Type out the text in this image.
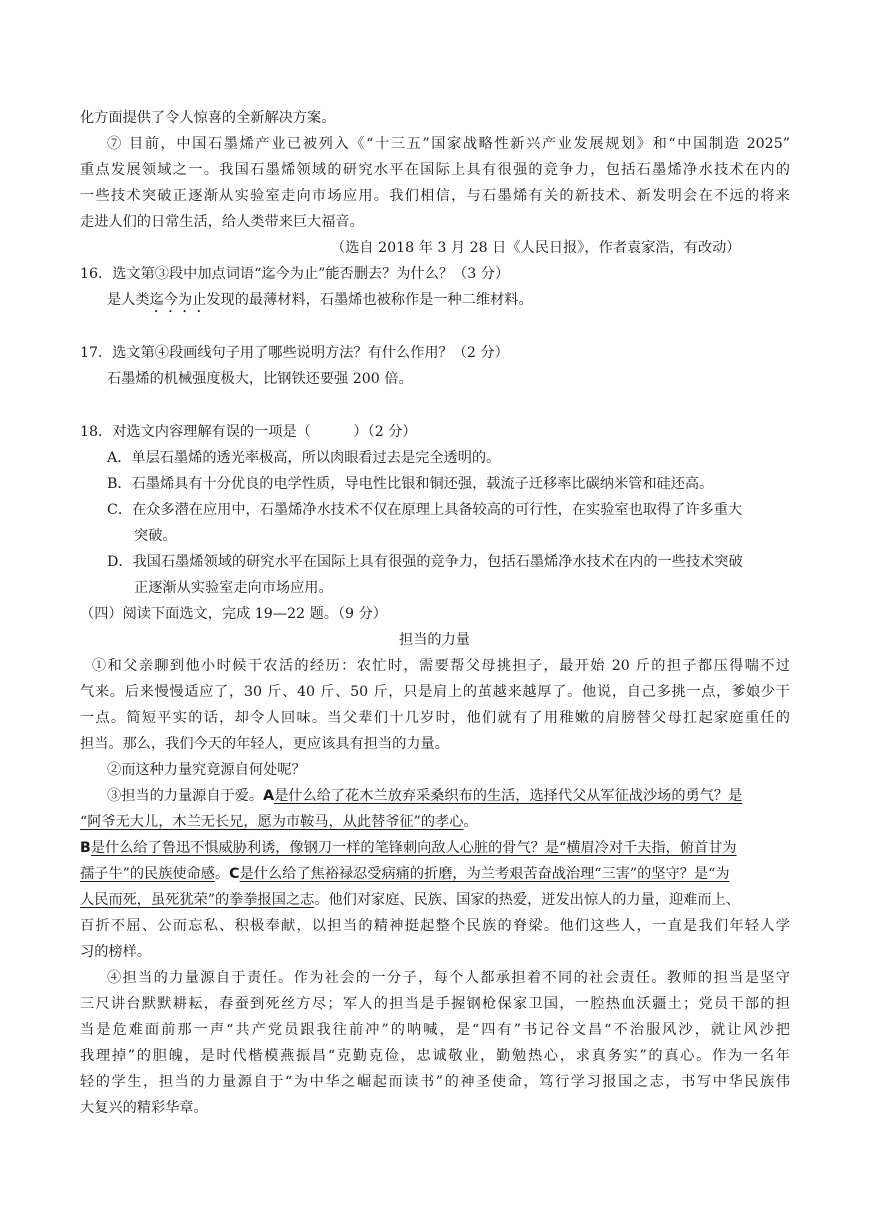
化方面提供了令人惊喜的全新解决方案。
⑦ 目前，中国石墨烯产业已被列入《“十三五”国家战略性新兴产业发展规划》和“中国制造 2025”
重点发展领域之一。我国石墨烯领域的研究水平在国际上具有很强的竞争力，包括石墨烯净水技术在内的
一些技术突破正逐渐从实验室走向市场应用。我们相信，与石墨烯有关的新技术、新发明会在不远的将来
走进人们的日常生活，给人类带来巨大福音。
（选自 2018 年 3 月 28 日《人民日报》，作者袁家浩，有改动）
16．选文第③段中加点词语“迄今为止”能否删去？为什么？（3 分）
是人类迄今为止发现的最薄材料，石墨烯也被称作是一种二维材料。
17．选文第④段画线句子用了哪些说明方法？有什么作用？（2 分）
石墨烯的机械强度极大，比钢铁还要强 200 倍。
18．对选文内容理解有误的一项是（　　　）（2 分）
A．单层石墨烯的透光率极高，所以肉眼看过去是完全透明的。
B．石墨烯具有十分优良的电学性质，导电性比银和铜还强，载流子迁移率比碳纳米管和硅还高。
C．在众多潜在应用中，石墨烯净水技术不仅在原理上具备较高的可行性，在实验室也取得了许多重大
突破。
D．我国石墨烯领域的研究水平在国际上具有很强的竞争力，包括石墨烯净水技术在内的一些技术突破
正逐渐从实验室走向市场应用。
（四）阅读下面选文，完成 19—22 题。（9 分）
担当的力量
①和父亲聊到他小时候干农活的经历：农忙时，需要帮父母挑担子，最开始 20 斤的担子都压得喘不过
气来。后来慢慢适应了，30 斤、40 斤、50 斤，只是肩上的茧越来越厚了。他说，自己多挑一点，爹娘少干
一点。简短平实的话，却令人回味。当父辈们十几岁时，他们就有了用稚嫩的肩膀替父母扛起家庭重任的
担当。那么，我们今天的年轻人，更应该具有担当的力量。
②而这种力量究竟源自何处呢？
③担当的力量源自于爱。A是什么给了花木兰放弃采桑织布的生活，选择代父从军征战沙场的勇气？是
“阿爷无大儿，木兰无长兄，愿为市鞍马，从此替爷征”的孝心。
B是什么给了鲁迅不惧威胁利诱，像钢刀一样的笔锋刺向敌人心脏的骨气？是“横眉冷对千夫指，俯首甘为
孺子牛”的民族使命感。C是什么给了焦裕禄忍受病痛的折磨，为兰考艰苦奋战治理“三害”的坚守？是“为
人民而死，虽死犹荣”的拳拳报国之志。他们对家庭、民族、国家的热爱，迸发出惊人的力量，迎难而上、
百折不屈、公而忘私、积极奉献，以担当的精神挺起整个民族的脊梁。他们这些人，一直是我们年轻人学
习的榜样。
④担当的力量源自于责任。作为社会的一分子，每个人都承担着不同的社会责任。教师的担当是坚守
三尺讲台默默耕耘，春蚕到死丝方尽；军人的担当是手握钢枪保家卫国，一腔热血沃疆土；党员干部的担
当是危难面前那一声“共产党员跟我往前冲”的呐喊，是“四有”书记谷文昌“不治服风沙，就让风沙把
我理掉”的胆魄，是时代楷模燕振昌“克勤克俭，忠诚敬业，勤勉热心，求真务实”的真心。作为一名年
轻的学生，担当的力量源自于“为中华之崛起而读书”的神圣使命，笃行学习报国之志，书写中华民族伟
大复兴的精彩华章。
